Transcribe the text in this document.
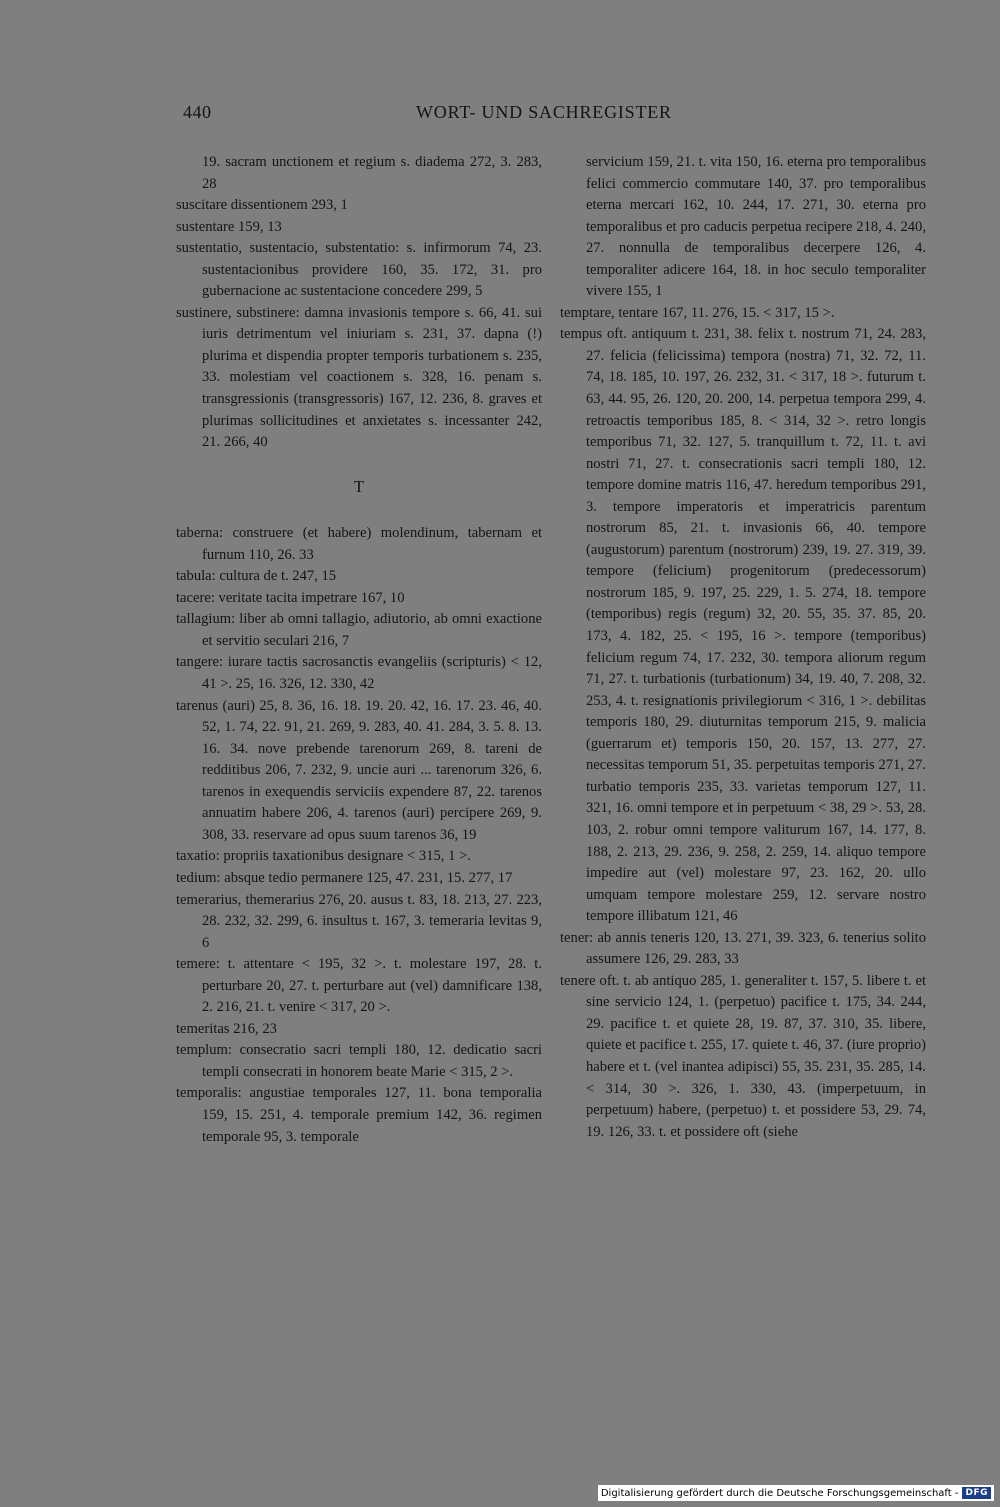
440	WORT- UND SACHREGISTER
19. sacram unctionem et regium s. diadema 272, 3. 283, 28
suscitare dissentionem 293, 1
sustentare 159, 13
sustentatio, sustentacio, substentatio: s. infirmorum 74, 23. sustentacionibus providere 160, 35. 172, 31. pro gubernacione ac sustentacione concedere 299, 5
sustinere, substinere: damna invasionis tempore s. 66, 41. sui iuris detrimentum vel iniuriam s. 231, 37. dapna (!) plurima et dispendia propter temporis turbationem s. 235, 33. molestiam vel coactionem s. 328, 16. penam s. transgressionis (transgressoris) 167, 12. 236, 8. graves et plurimas sollicitudines et anxietates s. incessanter 242, 21. 266, 40
T
taberna: construere (et habere) molendinum, tabernam et furnum 110, 26. 33
tabula: cultura de t. 247, 15
tacere: veritate tacita impetrare 167, 10
tallagium: liber ab omni tallagio, adiutorio, ab omni exactione et servitio seculari 216, 7
tangere: iurare tactis sacrosanctis evangeliis (scripturis) < 12, 41 >. 25, 16. 326, 12. 330, 42
tarenus (auri) 25, 8. 36, 16. 18. 19. 20. 42, 16. 17. 23. 46, 40. 52, 1. 74, 22. 91, 21. 269, 9. 283, 40. 41. 284, 3. 5. 8. 13. 16. 34. nove prebende tarenorum 269, 8. tareni de redditibus 206, 7. 232, 9. uncie auri ... tarenorum 326, 6. tarenos in exequendis serviciis expendere 87, 22. tarenos annuatim habere 206, 4. tarenos (auri) percipere 269, 9. 308, 33. reservare ad opus suum tarenos 36, 19
taxatio: propriis taxationibus designare < 315, 1 >.
tedium: absque tedio permanere 125, 47. 231, 15. 277, 17
temerarius, themerarius 276, 20. ausus t. 83, 18. 213, 27. 223, 28. 232, 32. 299, 6. insultus t. 167, 3. temeraria levitas 9, 6
temere: t. attentare < 195, 32 >. t. molestare 197, 28. t. perturbare 20, 27. t. perturbare aut (vel) damnificare 138, 2. 216, 21. t. venire < 317, 20 >.
temeritas 216, 23
templum: consecratio sacri templi 180, 12. dedicatio sacri templi consecrati in honorem beate Marie < 315, 2 >.
temporalis: angustiae temporales 127, 11. bona temporalia 159, 15. 251, 4. temporale premium 142, 36. regimen temporale 95, 3. temporale
servicium 159, 21. t. vita 150, 16. eterna pro temporalibus felici commercio commutare 140, 37. pro temporalibus eterna mercari 162, 10. 244, 17. 271, 30. eterna pro temporalibus et pro caducis perpetua recipere 218, 4. 240, 27. nonnulla de temporalibus decerpere 126, 4. temporaliter adicere 164, 18. in hoc seculo temporaliter vivere 155, 1
temptare, tentare 167, 11. 276, 15. < 317, 15 >.
tempus oft. antiquum t. 231, 38. felix t. nostrum 71, 24. 283, 27. felicia (felicissima) tempora (nostra) 71, 32. 72, 11. 74, 18. 185, 10. 197, 26. 232, 31. < 317, 18 >. futurum t. 63, 44. 95, 26. 120, 20. 200, 14. perpetua tempora 299, 4. retroactis temporibus 185, 8. < 314, 32 >. retro longis temporibus 71, 32. 127, 5. tranquillum t. 72, 11. t. avi nostri 71, 27. t. consecrationis sacri templi 180, 12. tempore domine matris 116, 47. heredum temporibus 291, 3. tempore imperatoris et imperatricis parentum nostrorum 85, 21. t. invasionis 66, 40. tempore (augustorum) parentum (nostrorum) 239, 19. 27. 319, 39. tempore (felicium) progenitorum (predecessorum) nostrorum 185, 9. 197, 25. 229, 1. 5. 274, 18. tempore (temporibus) regis (regum) 32, 20. 55, 35. 37. 85, 20. 173, 4. 182, 25. < 195, 16 >. tempore (temporibus) felicium regum 74, 17. 232, 30. tempora aliorum regum 71, 27. t. turbationis (turbationum) 34, 19. 40, 7. 208, 32. 253, 4. t. resignationis privilegiorum < 316, 1 >. debilitas temporis 180, 29. diuturnitas temporum 215, 9. malicia (guerrarum et) temporis 150, 20. 157, 13. 277, 27. necessitas temporum 51, 35. perpetuitas temporis 271, 27. turbatio temporis 235, 33. varietas temporum 127, 11. 321, 16. omni tempore et in perpetuum < 38, 29 >. 53, 28. 103, 2. robur omni tempore valiturum 167, 14. 177, 8. 188, 2. 213, 29. 236, 9. 258, 2. 259, 14. aliquo tempore impedire aut (vel) molestare 97, 23. 162, 20. ullo umquam tempore molestare 259, 12. servare nostro tempore illibatum 121, 46
tener: ab annis teneris 120, 13. 271, 39. 323, 6. tenerius solito assumere 126, 29. 283, 33
tenere oft. t. ab antiquo 285, 1. generaliter t. 157, 5. libere t. et sine servicio 124, 1. (perpetuo) pacifice t. 175, 34. 244, 29. pacifice t. et quiete 28, 19. 87, 37. 310, 35. libere, quiete et pacifice t. 255, 17. quiete t. 46, 37. (iure proprio) habere et t. (vel inantea adipisci) 55, 35. 231, 35. 285, 14. < 314, 30 >. 326, 1. 330, 43. (imperpetuum, in perpetuum) habere, (perpetuo) t. et possidere 53, 29. 74, 19. 126, 33. t. et possidere oft (siehe
Digitalisierung gefördert durch die Deutsche Forschungsgemeinschaft - DFG
